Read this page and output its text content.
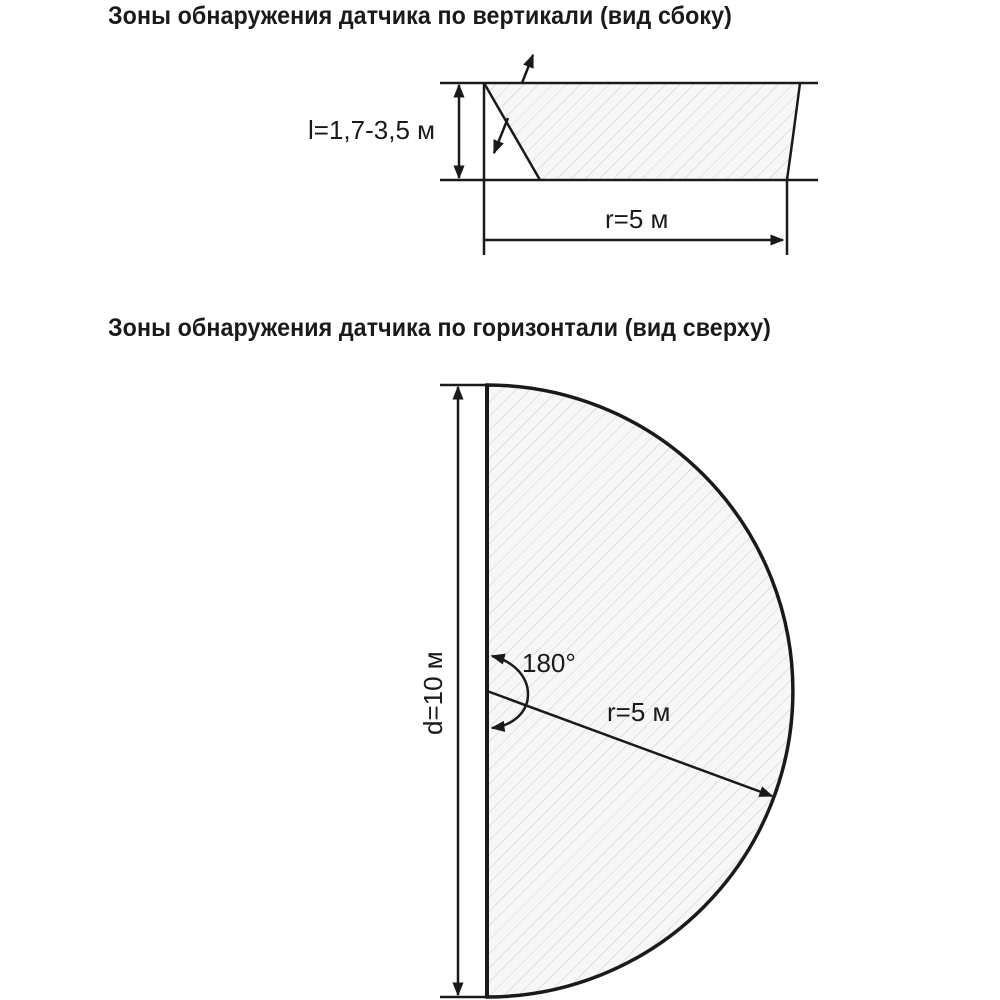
Зоны обнаружения датчика по вертикали (вид сбоку)
Зоны обнаружения датчика по горизонтали (вид сверху)
l=1,7-3,5 м
r=5 м
180°
r=5 м
d=10 м
